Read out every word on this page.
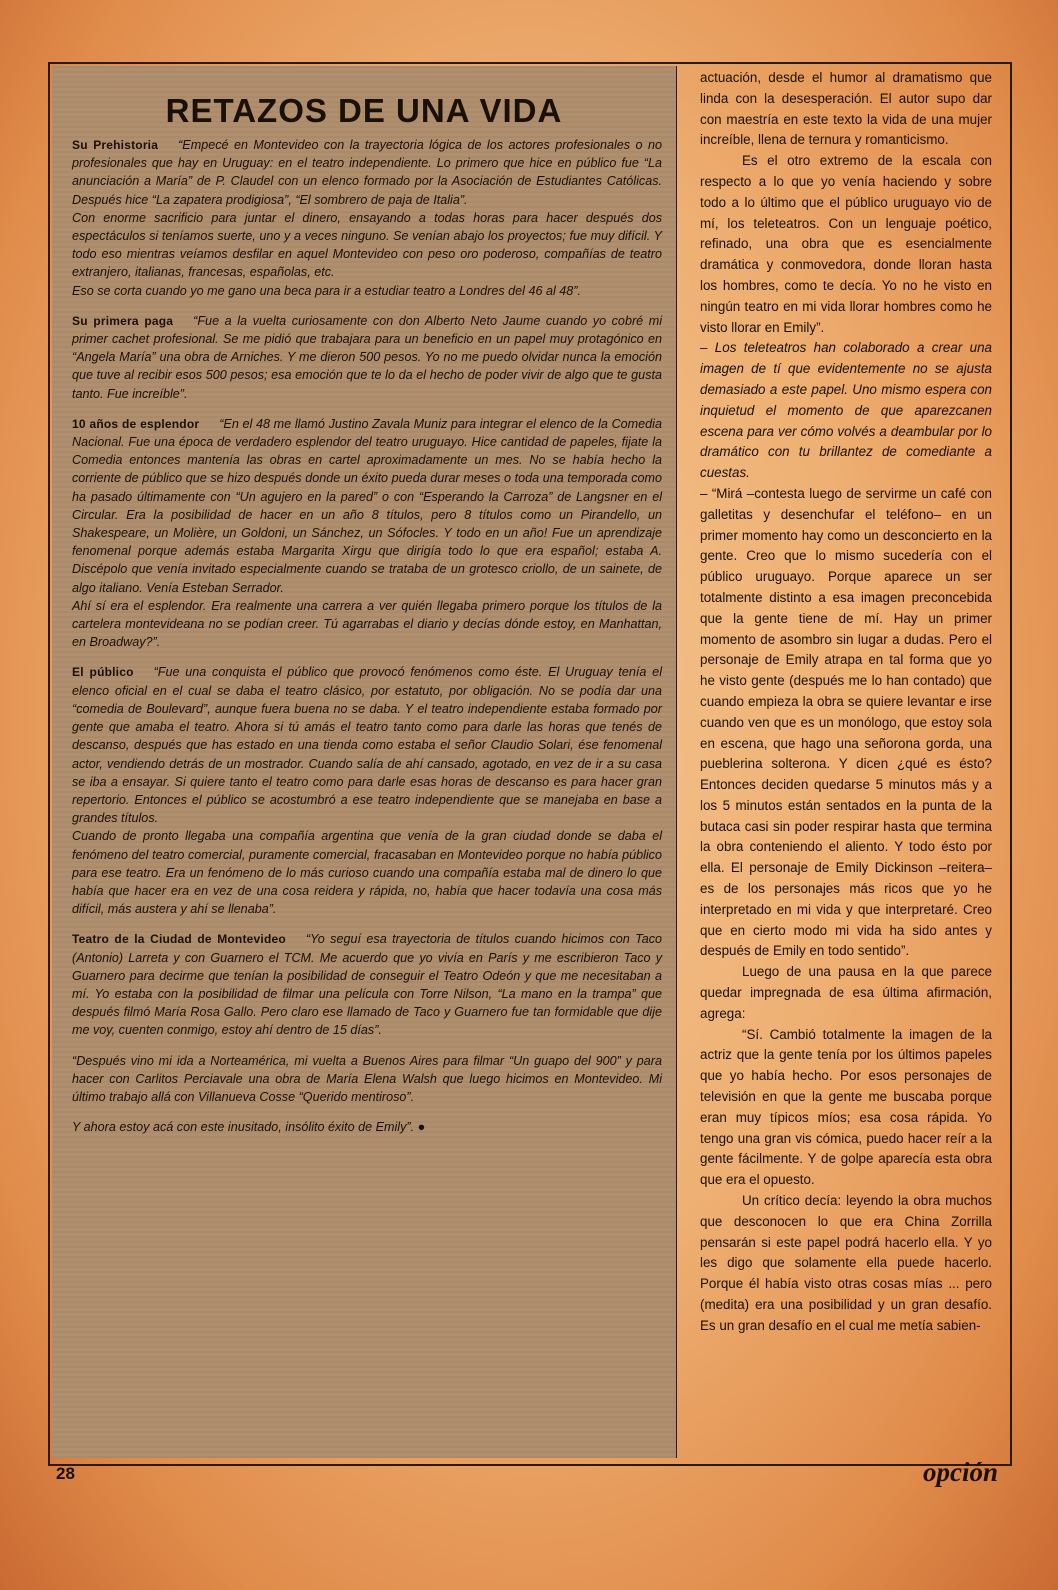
RETAZOS DE UNA VIDA

Su Prehistoria “Empecé en Montevideo con la trayectoria lógica de los actores profesionales o no profesionales que hay en Uruguay: en el teatro independiente. Lo primero que hice en público fue “La anunciación a María” de P. Claudel con un elenco formado por la Asociación de Estudiantes Católicas. Después hice “La zapatera prodigiosa”, “El sombrero de paja de Italia”.

Con enorme sacrificio para juntar el dinero, ensayando a todas horas para hacer después dos espectáculos si teníamos suerte, uno y a veces ninguno. Se venían abajo los proyectos; fue muy difícil. Y todo eso mientras veíamos desfilar en aquel Montevideo con peso oro poderoso, compañías de teatro extranjero, italianas, francesas, españolas, etc.

Eso se corta cuando yo me gano una beca para ir a estudiar teatro a Londres del 46 al 48”.

Su primera paga “Fue a la vuelta curiosamente con don Alberto Neto Jaume cuando yo cobré mi primer cachet profesional. Se me pidió que trabajara para un beneficio en un papel muy protagónico en “Angela María” una obra de Arniches. Y me dieron 500 pesos. Yo no me puedo olvidar nunca la emoción que tuve al recibir esos 500 pesos; esa emoción que te lo da el hecho de poder vivir de algo que te gusta tanto. Fue increíble”.

10 años de esplendor “En el 48 me llamó Justino Zavala Muniz para integrar el elenco de la Comedia Nacional. Fue una época de verdadero esplendor del teatro uruguayo. Hice cantidad de papeles, fijate la Comedia entonces mantenía las obras en cartel aproximadamente un mes. No se había hecho la corriente de público que se hizo después donde un éxito pueda durar meses o toda una temporada como ha pasado últimamente con “Un agujero en la pared” o con “Esperando la Carroza” de Langsner en el Circular. Era la posibilidad de hacer en un año 8 títulos, pero 8 títulos como un Pirandello, un Shakespeare, un Molière, un Goldoni, un Sánchez, un Sófocles. Y todo en un año! Fue un aprendizaje fenomenal porque además estaba Margarita Xirgu que dirigía todo lo que era español; estaba A. Discépolo que venía invitado especialmente cuando se trataba de un grotesco criollo, de un sainete, de algo italiano. Venía Esteban Serrador.

Ahí sí era el esplendor. Era realmente una carrera a ver quién llegaba primero porque los títulos de la cartelera montevideana no se podían creer. Tú agarrabas el diario y decías dónde estoy, en Manhattan, en Broadway?”.

El público “Fue una conquista el público que provocó fenómenos como éste. El Uruguay tenía el elenco oficial en el cual se daba el teatro clásico, por estatuto, por obligación. No se podía dar una “comedia de Boulevard”, aunque fuera buena no se daba. Y el teatro independiente estaba formado por gente que amaba el teatro. Ahora si tú amás el teatro tanto como para darle las horas que tenés de descanso, después que has estado en una tienda como estaba el señor Claudio Solari, ése fenomenal actor, vendiendo detrás de un mostrador. Cuando salía de ahí cansado, agotado, en vez de ir a su casa se iba a ensayar. Si quiere tanto el teatro como para darle esas horas de descanso es para hacer gran repertorio. Entonces el público se acostumbró a ese teatro independiente que se manejaba en base a grandes títulos.

Cuando de pronto llegaba una compañía argentina que venía de la gran ciudad donde se daba el fenómeno del teatro comercial, puramente comercial, fracasaban en Montevideo porque no había público para ese teatro. Era un fenómeno de lo más curioso cuando una compañía estaba mal de dinero lo que había que hacer era en vez de una cosa reidera y rápida, no, había que hacer todavía una cosa más difícil, más austera y ahí se llenaba”.

Teatro de la Ciudad de Montevideo “Yo seguí esa trayectoria de títulos cuando hicimos con Taco (Antonio) Larreta y con Guarnero el TCM. Me acuerdo que yo vivía en París y me escribieron Taco y Guarnero para decirme que tenían la posibilidad de conseguir el Teatro Odeón y que me necesitaban a mí. Yo estaba con la posibilidad de filmar una película con Torre Nilson, “La mano en la trampa” que después filmó María Rosa Gallo. Pero claro ese llamado de Taco y Guarnero fue tan formidable que dije me voy, cuenten conmigo, estoy ahí dentro de 15 días”.

“Después vino mi ida a Norteamérica, mi vuelta a Buenos Aires para filmar “Un guapo del 900” y para hacer con Carlitos Perciavale una obra de María Elena Walsh que luego hicimos en Montevideo. Mi último trabajo allá con Villanueva Cosse “Querido mentiroso”.

Y ahora estoy acá con este inusitado, insólito éxito de Emily”. ●

actuación, desde el humor al dramatismo que linda con la desesperación. El autor supo dar con maestría en este texto la vida de una mujer increíble, llena de ternura y romanticismo.

Es el otro extremo de la escala con respecto a lo que yo venía haciendo y sobre todo a lo último que el público uruguayo vio de mí, los teleteatros. Con un lenguaje poético, refinado, una obra que es esencialmente dramática y conmovedora, donde lloran hasta los hombres, como te decía. Yo no he visto en ningún teatro en mi vida llorar hombres como he visto llorar en Emily”.

– Los teleteatros han colaborado a crear una imagen de tí que evidentemente no se ajusta demasiado a este papel. Uno mismo espera con inquietud el momento de que aparezcanen escena para ver cómo volvés a deambular por lo dramático con tu brillantez de comediante a cuestas.

– “Mirá –contesta luego de servirme un café con galletitas y desenchufar el teléfono– en un primer momento hay como un desconcierto en la gente. Creo que lo mismo sucedería con el público uruguayo. Porque aparece un ser totalmente distinto a esa imagen preconcebida que la gente tiene de mí. Hay un primer momento de asombro sin lugar a dudas. Pero el personaje de Emily atrapa en tal forma que yo he visto gente (después me lo han contado) que cuando empieza la obra se quiere levantar e irse cuando ven que es un monólogo, que estoy sola en escena, que hago una señorona gorda, una pueblerina solterona. Y dicen ¿qué es ésto? Entonces deciden quedarse 5 minutos más y a los 5 minutos están sentados en la punta de la butaca casi sin poder respirar hasta que termina la obra conteniendo el aliento. Y todo ésto por ella. El personaje de Emily Dickinson –reitera– es de los personajes más ricos que yo he interpretado en mi vida y que interpretaré. Creo que en cierto modo mi vida ha sido antes y después de Emily en todo sentido”.

Luego de una pausa en la que parece quedar impregnada de esa última afirmación, agrega:

“Sí. Cambió totalmente la imagen de la actriz que la gente tenía por los últimos papeles que yo había hecho. Por esos personajes de televisión en que la gente me buscaba porque eran muy típicos míos; esa cosa rápida. Yo tengo una gran vis cómica, puedo hacer reír a la gente fácilmente. Y de golpe aparecía esta obra que era el opuesto.

Un crítico decía: leyendo la obra muchos que desconocen lo que era China Zorrilla pensarán si este papel podrá hacerlo ella. Y yo les digo que solamente ella puede hacerlo. Porque él había visto otras cosas mías ... pero (medita) era una posibilidad y un gran desafío. Es un gran desafío en el cual me metía sabien-

28	opción
